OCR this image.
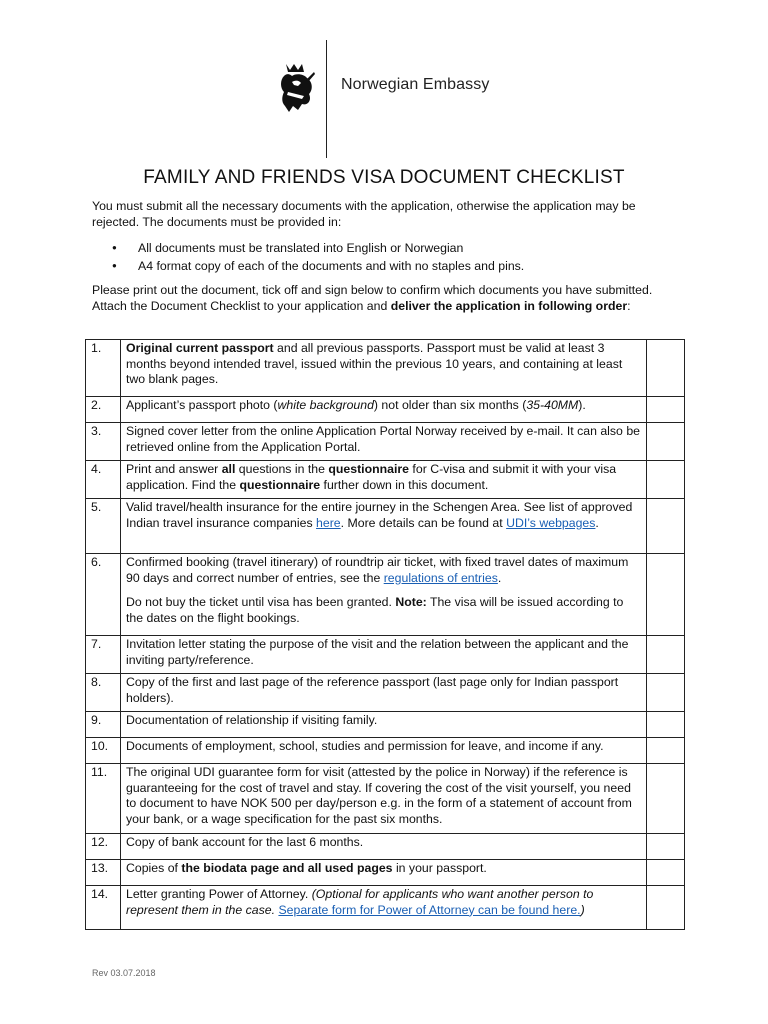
Norwegian Embassy
FAMILY AND FRIENDS VISA DOCUMENT CHECKLIST

You must submit all the necessary documents with the application, otherwise the application may be rejected. The documents must be provided in:

● All documents must be translated into English or Norwegian
● A4 format copy of each of the documents and with no staples and pins.

Please print out the document, tick off and sign below to confirm which documents you have submitted. Attach the Document Checklist to your application and deliver the application in following order:

1.	Original current passport and all previous passports. Passport must be valid at least 3 months beyond intended travel, issued within the previous 10 years, and containing at least two blank pages.	
2.	Applicant’s passport photo (white background) not older than six months (35-40MM).	
3.	Signed cover letter from the online Application Portal Norway received by e-mail. It can also be retrieved online from the Application Portal.	
4.	Print and answer all questions in the questionnaire for C-visa and submit it with your visa application. Find the questionnaire further down in this document.	
5.	Valid travel/health insurance for the entire journey in the Schengen Area. See list of approved Indian travel insurance companies here. More details can be found at UDI’s webpages.	
6.	Confirmed booking (travel itinerary) of roundtrip air ticket, with fixed travel dates of maximum 90 days and correct number of entries, see the regulations of entries.
Do not buy the ticket until visa has been granted. Note: The visa will be issued according to the dates on the flight bookings.	

7.	Invitation letter stating the purpose of the visit and the relation between the applicant and the inviting party/reference.	
8.	Copy of the first and last page of the reference passport (last page only for Indian passport holders).	
9.	Documentation of relationship if visiting family.	
10.	Documents of employment, school, studies and permission for leave, and income if any.	
11.	The original UDI guarantee form for visit (attested by the police in Norway) if the reference is guaranteeing for the cost of travel and stay. If covering the cost of the visit yourself, you need to document to have NOK 500 per day/person e.g. in the form of a statement of account from your bank, or a wage specification for the past six months.	
12.	Copy of bank account for the last 6 months.	
13.	Copies of the biodata page and all used pages in your passport.	
14.	Letter granting Power of Attorney. (Optional for applicants who want another person to represent them in the case. Separate form for Power of Attorney can be found here.)	
Rev 03.07.2018
